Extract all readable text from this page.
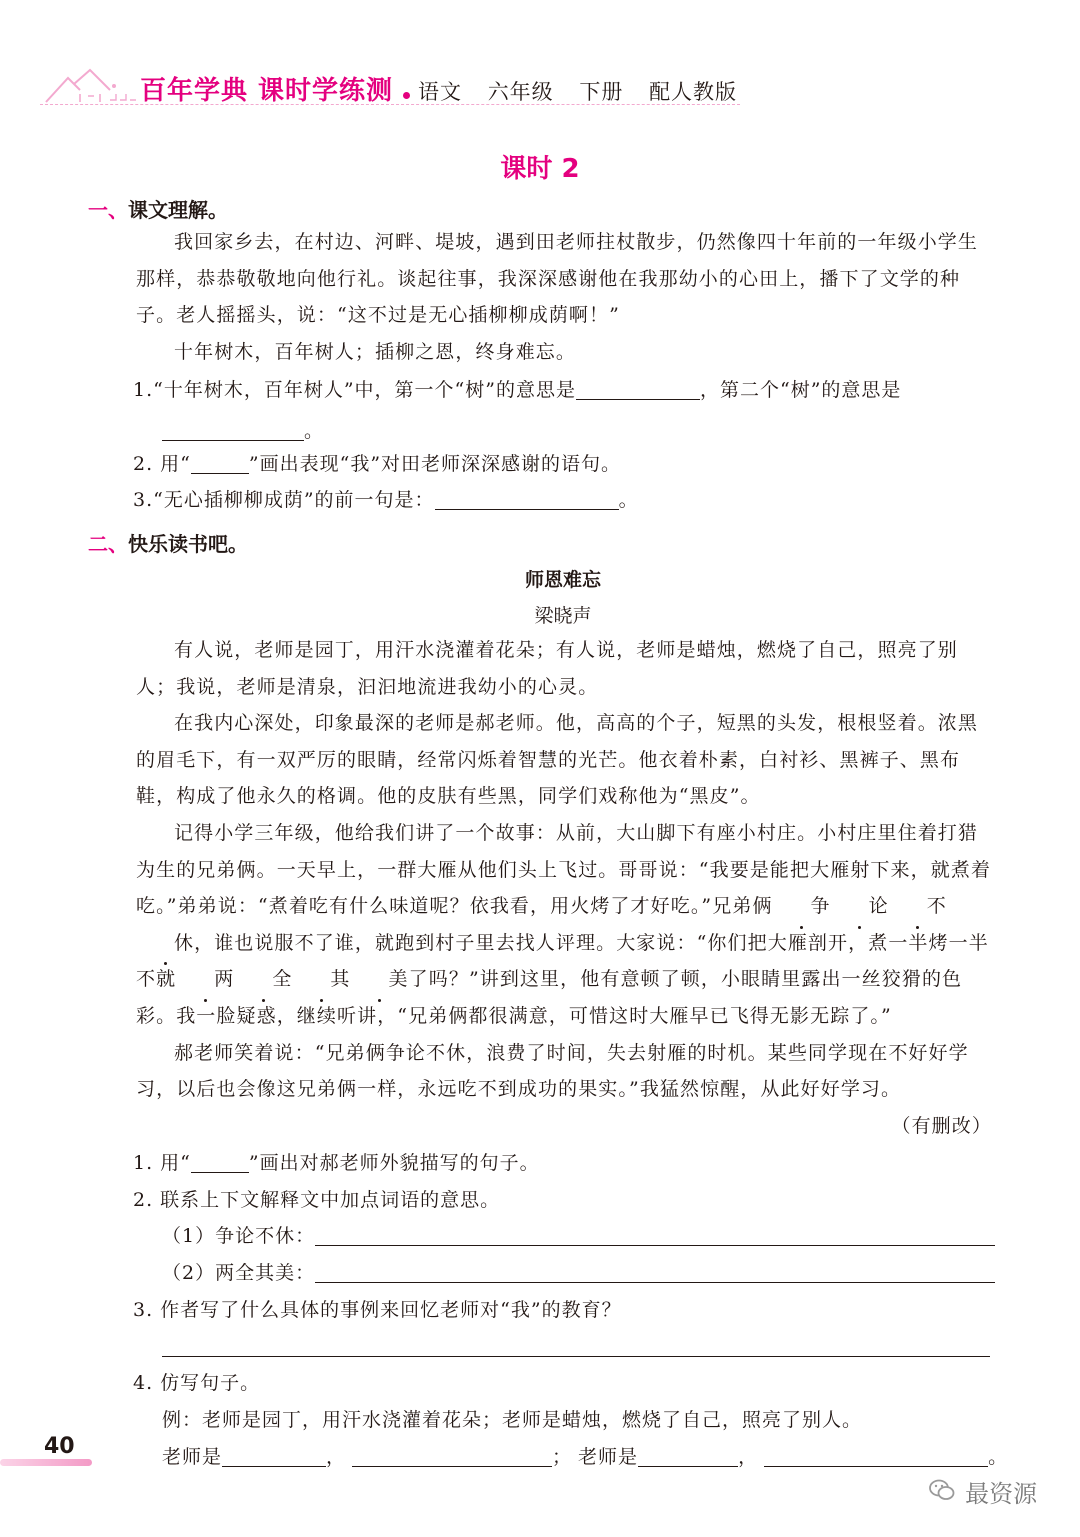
百年学典 课时学练测 语文 六年级 下册 配人教版
课时 2
一、课文理解。
我回家乡去，在村边、河畔、堤坡，遇到田老师拄杖散步，仍然像四十年前的一年级小学生那样，恭恭敬敬地向他行礼。谈起往事，我深深感谢他在我那幼小的心田上，播下了文学的种子。老人摇摇头，说：“这不过是无心插柳柳成荫啊！”
十年树木，百年树人；插柳之恩，终身难忘。
1.“十年树木，百年树人”中，第一个“树”的意思是	，第二个“树”的意思是
。
2. 用“	”画出表现“我”对田老师深深感谢的语句。
3.“无心插柳柳成荫”的前一句是：	。
二、快乐读书吧。
师恩难忘
梁晓声
有人说，老师是园丁，用汗水浇灌着花朵；有人说，老师是蜡烛，燃烧了自己，照亮了别人；我说，老师是清泉，汩汩地流进我幼小的心灵。
在我内心深处，印象最深的老师是郝老师。他，高高的个子，短黑的头发，根根竖着。浓黑的眉毛下，有一双严厉的眼睛，经常闪烁着智慧的光芒。他衣着朴素，白衬衫、黑裤子、黑布鞋，构成了他永久的格调。他的皮肤有些黑，同学们戏称他为“黑皮”。
记得小学三年级，他给我们讲了一个故事：从前，大山脚下有座小村庄。小村庄里住着打猎为生的兄弟俩。一天早上，一群大雁从他们头上飞过。哥哥说：“我要是能把大雁射下来，就煮着吃。”弟弟说：“煮着吃有什么味道呢？依我看，用火烤了才好吃。”兄弟俩 争 论 不休，谁也说服不了谁，就跑到村子里去找人评理。大家说：“你们把大雁剖开，煮一半烤一半不就 两 全 其 美了吗？”讲到这里，他有意顿了顿，小眼睛里露出一丝狡猾的色彩。我一脸疑惑，继续听讲，“兄弟俩都很满意，可惜这时大雁早已飞得无影无踪了。”
郝老师笑着说：“兄弟俩争论不休，浪费了时间，失去射雁的时机。某些同学现在不好好学习，以后也会像这兄弟俩一样，永远吃不到成功的果实。”我猛然惊醒，从此好好学习。
（有删改）
1. 用“	”画出对郝老师外貌描写的句子。
2. 联系上下文解释文中加点词语的意思。
（1）争论不休：
（2）两全其美：
3. 作者写了什么具体的事例来回忆老师对“我”的教育？
4. 仿写句子。
例：老师是园丁，用汗水浇灌着花朵；老师是蜡烛，燃烧了自己，照亮了别人。
老师是	，	； 老师是	，	。
40
最资源
